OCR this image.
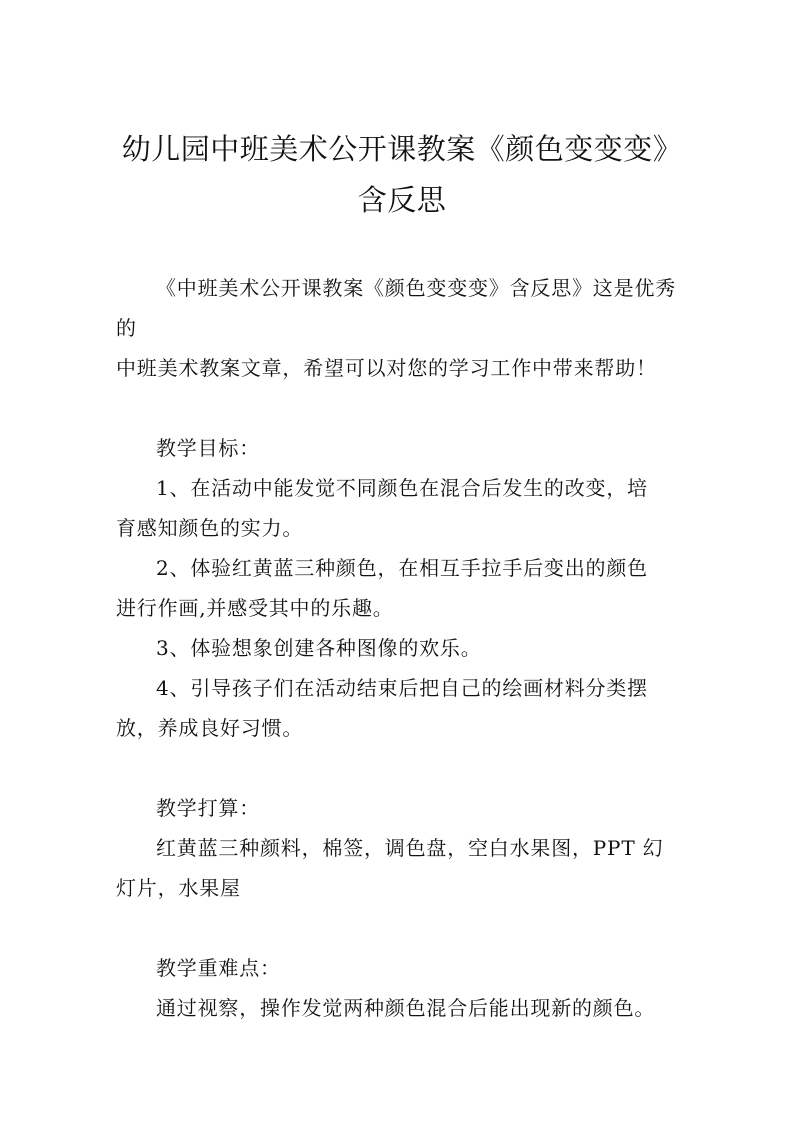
幼儿园中班美术公开课教案《颜色变变变》
含反思

《中班美术公开课教案《颜色变变变》含反思》这是优秀的
中班美术教案文章，希望可以对您的学习工作中带来帮助！

教学目标：
1、在活动中能发觉不同颜色在混合后发生的改变，培
育感知颜色的实力。
2、体验红黄蓝三种颜色，在相互手拉手后变出的颜色
进行作画,并感受其中的乐趣。
3、体验想象创建各种图像的欢乐。
4、引导孩子们在活动结束后把自己的绘画材料分类摆
放，养成良好习惯。

教学打算：
红黄蓝三种颜料，棉签，调色盘，空白水果图，PPT 幻
灯片，水果屋

教学重难点：
通过视察，操作发觉两种颜色混合后能出现新的颜色。
